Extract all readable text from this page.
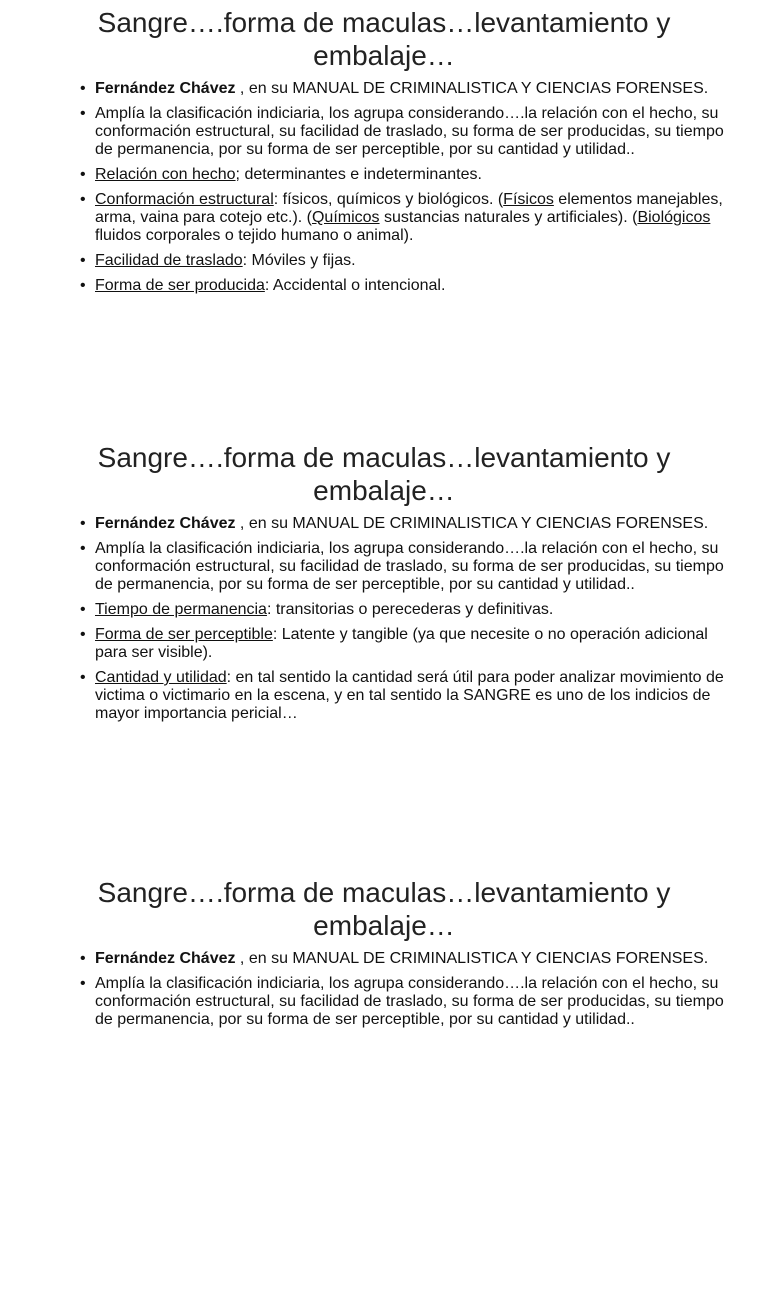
Sangre….forma de maculas…levantamiento y embalaje…
• Fernández Chávez , en su MANUAL DE CRIMINALISTICA Y CIENCIAS FORENSES.
• Amplía la clasificación indiciaria, los agrupa considerando….la relación con el hecho, su conformación estructural, su facilidad de traslado, su forma de ser producidas, su tiempo de permanencia, por su forma de ser perceptible, por su cantidad y utilidad..
• Relación con hecho; determinantes e indeterminantes.
• Conformación estructural: físicos, químicos y biológicos. (Físicos elementos manejables, arma, vaina para cotejo etc.). (Químicos sustancias naturales y artificiales). (Biológicos fluidos corporales o tejido humano o animal).
• Facilidad de traslado: Móviles y fijas.
• Forma de ser producida: Accidental o intencional.
Sangre….forma de maculas…levantamiento y embalaje…
• Fernández Chávez , en su MANUAL DE CRIMINALISTICA Y CIENCIAS FORENSES.
• Amplía la clasificación indiciaria, los agrupa considerando….la relación con el hecho, su conformación estructural, su facilidad de traslado, su forma de ser producidas, su tiempo de permanencia, por su forma de ser perceptible, por su cantidad y utilidad..
• Tiempo de permanencia: transitorias o perecederas y definitivas.
• Forma de ser perceptible: Latente y tangible (ya que necesite o no operación adicional para ser visible).
• Cantidad y utilidad: en tal sentido la cantidad será útil para poder analizar movimiento de victima o victimario en la escena, y en tal sentido la SANGRE es uno de los indicios de mayor importancia pericial…
Sangre….forma de maculas…levantamiento y embalaje…
• Fernández Chávez , en su MANUAL DE CRIMINALISTICA Y CIENCIAS FORENSES.
• Amplía la clasificación indiciaria, los agrupa considerando….la relación con el hecho, su conformación estructural, su facilidad de traslado, su forma de ser producidas, su tiempo de permanencia, por su forma de ser perceptible, por su cantidad y utilidad..
